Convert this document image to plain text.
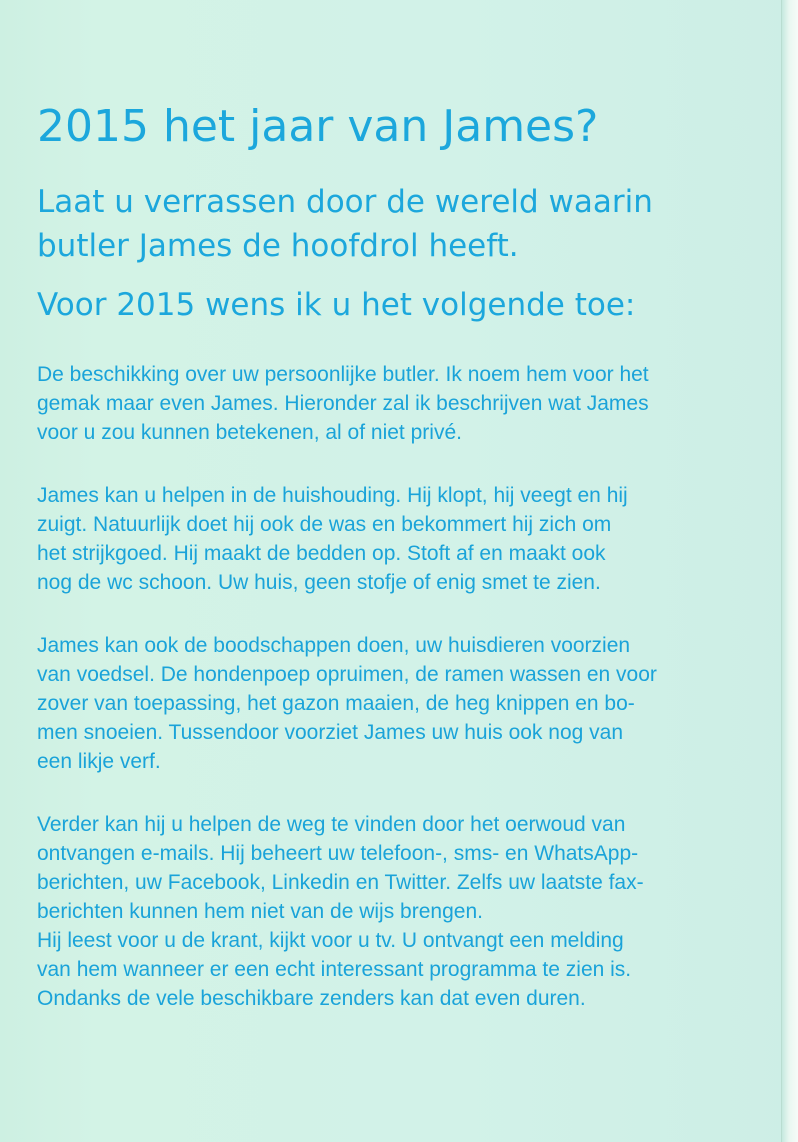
2015 het jaar van James?

Laat u verrassen door de wereld waarin

butler James de hoofdrol heeft.

Voor 2015 wens ik u het volgende toe:

De beschikking over uw persoonlijke butler. Ik noem hem voor het
gemak maar even James. Hieronder zal ik beschrijven wat James
voor u zou kunnen betekenen, al of niet privé.

James kan u helpen in de huishouding. Hij klopt, hij veegt en hij
zuigt. Natuurlijk doet hij ook de was en bekommert hij zich om
het strijkgoed. Hij maakt de bedden op. Stoft af en maakt ook
nog de wc schoon. Uw huis, geen stofje of enig smet te zien.

James kan ook de boodschappen doen, uw huisdieren voorzien
van voedsel. De hondenpoep opruimen, de ramen wassen en voor
zover van toepassing, het gazon maaien, de heg knippen en bo-
men snoeien. Tussendoor voorziet James uw huis ook nog van
een likje verf.

Verder kan hij u helpen de weg te vinden door het oerwoud van
ontvangen e-mails. Hij beheert uw telefoon-, sms- en WhatsApp-
berichten, uw Facebook, Linkedin en Twitter. Zelfs uw laatste fax-
berichten kunnen hem niet van de wijs brengen.
Hij leest voor u de krant, kijkt voor u tv. U ontvangt een melding
van hem wanneer er een echt interessant programma te zien is.
Ondanks de vele beschikbare zenders kan dat even duren.
